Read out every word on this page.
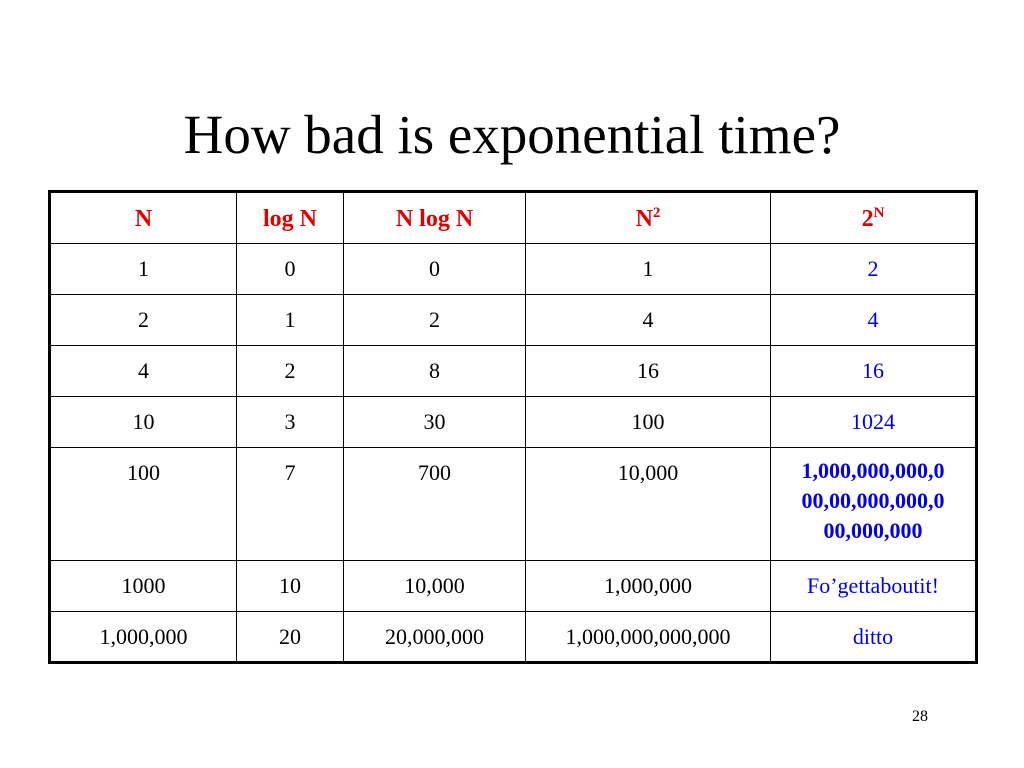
How bad is exponential time?
N	log N	N log N	$N^2$	$2^N$
1	0	0	1	2
2	1	2	4	4
4	2	8	16	16
10	3	30	100	1024
100	7	700	10,000	1,000,000,000,0
00,00,000,000,0
00,000,000
1000	10	10,000	1,000,000	Fo’gettaboutit!
1,000,000	20	20,000,000	1,000,000,000,000	ditto
28
